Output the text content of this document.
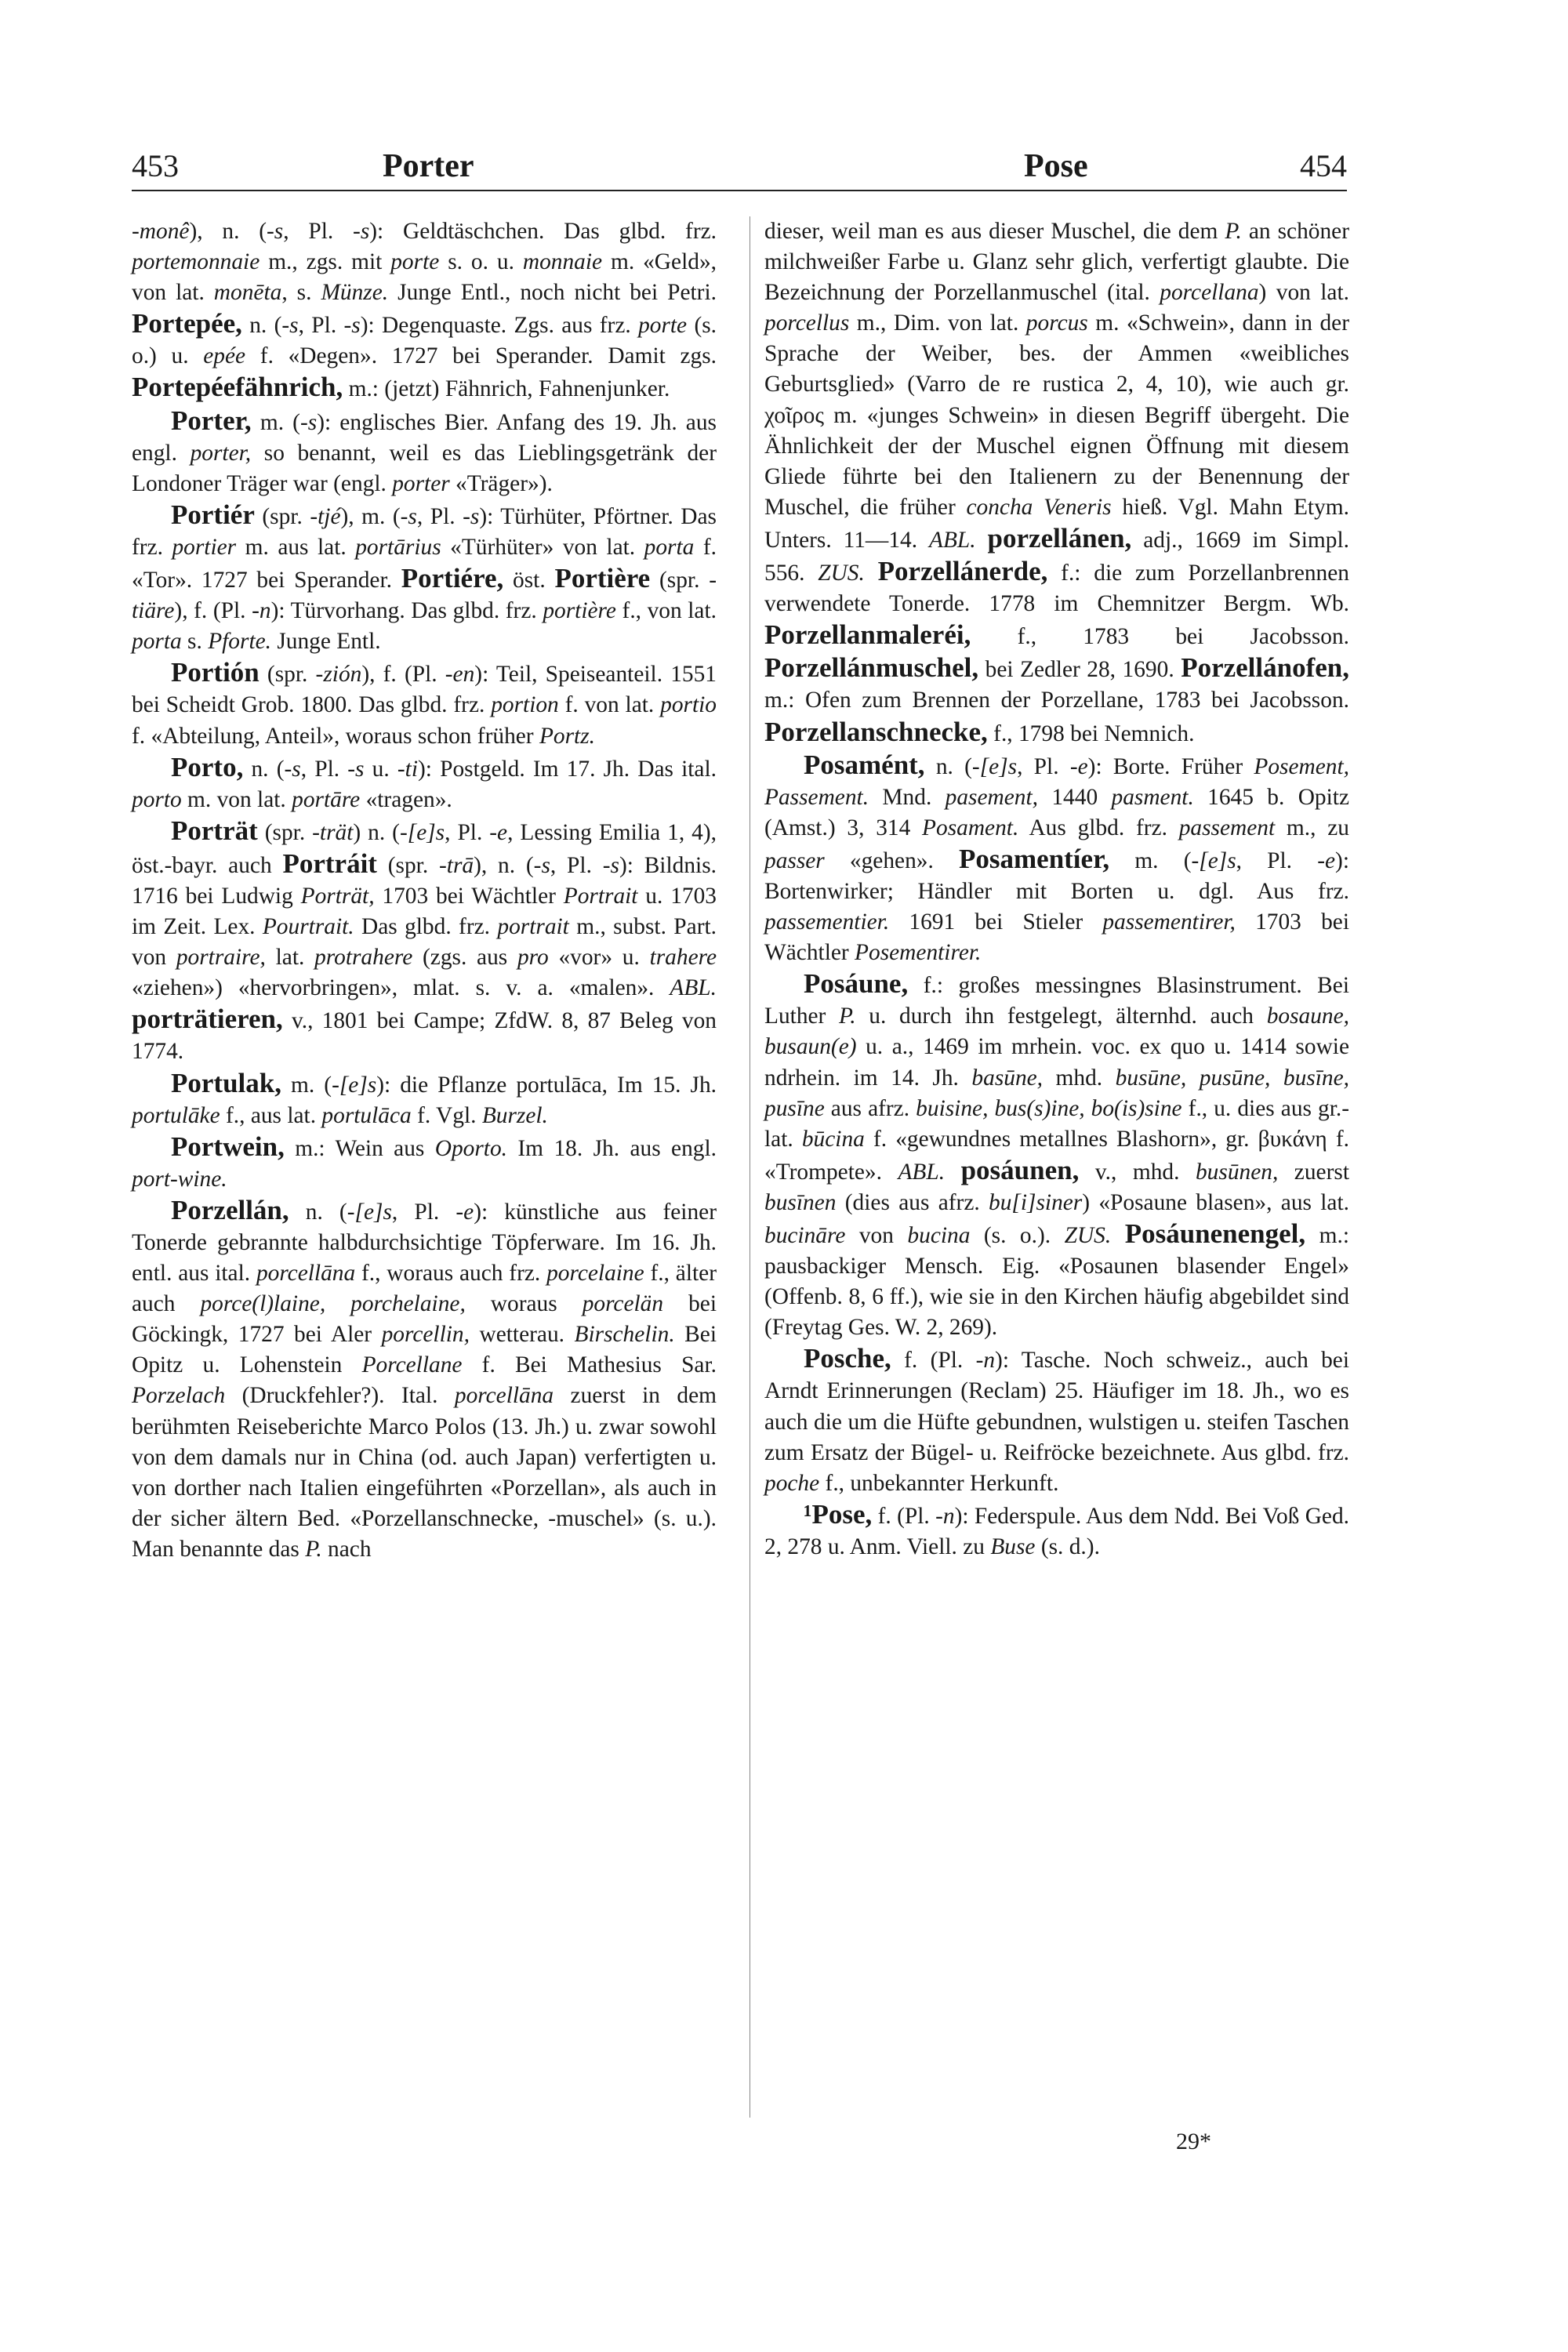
453	Porter	Pose	454

-monê), n. (-s, Pl. -s): Geldtäschchen. Das glbd. frz. portemonnaie m., zgs. mit porte s. o. u. monnaie m. «Geld», von lat. monēta, s. Münze. Junge Entl., noch nicht bei Petri. Portepée, n. (-s, Pl. -s): Degenquaste. Zgs. aus frz. porte (s. o.) u. epée f. «Degen». 1727 bei Sperander. Damit zgs. Portepéefähnrich, m.: (jetzt) Fähnrich, Fahnenjunker.

Porter, m. (-s): englisches Bier. Anfang des 19. Jh. aus engl. porter, so benannt, weil es das Lieblingsgetränk der Londoner Träger war (engl. porter «Träger»).

Portiér (spr. -tjé), m. (-s, Pl. -s): Türhüter, Pförtner. Das frz. portier m. aus lat. portārius «Türhüter» von lat. porta f. «Tor». 1727 bei Sperander. Portiére, öst. Portière (spr. -tiäre), f. (Pl. -n): Türvorhang. Das glbd. frz. portière f., von lat. porta s. Pforte. Junge Entl.

Portión (spr. -zión), f. (Pl. -en): Teil, Speiseanteil. 1551 bei Scheidt Grob. 1800. Das glbd. frz. portion f. von lat. portio f. «Abteilung, Anteil», woraus schon früher Portz.

Porto, n. (-s, Pl. -s u. -ti): Postgeld. Im 17. Jh. Das ital. porto m. von lat. portāre «tragen».

Porträt (spr. -trät) n. (-[e]s, Pl. -e, Lessing Emilia 1, 4), öst.-bayr. auch Portráit (spr. -trā), n. (-s, Pl. -s): Bildnis. 1716 bei Ludwig Porträt, 1703 bei Wächtler Portrait u. 1703 im Zeit. Lex. Pourtrait. Das glbd. frz. portrait m., subst. Part. von portraire, lat. protrahere (zgs. aus pro «vor» u. trahere «ziehen») «hervorbringen», mlat. s. v. a. «malen». ABL. porträtieren, v., 1801 bei Campe; ZfdW. 8, 87 Beleg von 1774.

Portulak, m. (-[e]s): die Pflanze portulāca, Im 15. Jh. portulāke f., aus lat. portulāca f. Vgl. Burzel.

Portwein, m.: Wein aus Oporto. Im 18. Jh. aus engl. port-wine.

Porzellán, n. (-[e]s, Pl. -e): künstliche aus feiner Tonerde gebrannte halbdurchsichtige Töpferware. Im 16. Jh. entl. aus ital. porcellāna f., woraus auch frz. porcelaine f., älter auch porce(l)laine, porchelaine, woraus porcelän bei Göckingk, 1727 bei Aler porcellin, wetterau. Birschelin. Bei Opitz u. Lohenstein Porcellane f. Bei Mathesius Sar. Porzelach (Druckfehler?). Ital. porcellāna zuerst in dem berühmten Reiseberichte Marco Polos (13. Jh.) u. zwar sowohl von dem damals nur in China (od. auch Japan) verfertigten u. von dorther nach Italien eingeführten «Porzellan», als auch in der sicher ältern Bed. «Porzellanschnecke, -muschel» (s. u.). Man benannte das P. nach

dieser, weil man es aus dieser Muschel, die dem P. an schöner milchweißer Farbe u. Glanz sehr glich, verfertigt glaubte. Die Bezeichnung der Porzellanmuschel (ital. porcellana) von lat. porcellus m., Dim. von lat. porcus m. «Schwein», dann in der Sprache der Weiber, bes. der Ammen «weibliches Geburtsglied» (Varro de re rustica 2, 4, 10), wie auch gr. χοῖρος m. «junges Schwein» in diesen Begriff übergeht. Die Ähnlichkeit der der Muschel eignen Öffnung mit diesem Gliede führte bei den Italienern zu der Benennung der Muschel, die früher concha Veneris hieß. Vgl. Mahn Etym. Unters. 11—14. ABL. porzellánen, adj., 1669 im Simpl. 556. ZUS. Porzellánerde, f.: die zum Porzellanbrennen verwendete Tonerde. 1778 im Chemnitzer Bergm. Wb. Porzellanmaleréi, f., 1783 bei Jacobsson. Porzellánmuschel, bei Zedler 28, 1690. Porzellánofen, m.: Ofen zum Brennen der Porzellane, 1783 bei Jacobsson. Porzellanschnecke, f., 1798 bei Nemnich.

Posamént, n. (-[e]s, Pl. -e): Borte. Früher Posement, Passement. Mnd. pasement, 1440 pasment. 1645 b. Opitz (Amst.) 3, 314 Posament. Aus glbd. frz. passement m., zu passer «gehen». Posamentíer, m. (-[e]s, Pl. -e): Bortenwirker; Händler mit Borten u. dgl. Aus frz. passementier. 1691 bei Stieler passementirer, 1703 bei Wächtler Posementirer.

Posáune, f.: großes messingnes Blasinstrument. Bei Luther P. u. durch ihn festgelegt, älternhd. auch bosaune, busaun(e) u. a., 1469 im mrhein. voc. ex quo u. 1414 sowie ndrhein. im 14. Jh. basūne, mhd. busūne, pusūne, busīne, pusīne aus afrz. buisine, bus(s)ine, bo(is)sine f., u. dies aus gr.-lat. būcina f. «gewundnes metallnes Blashorn», gr. βυκάνη f. «Trompete». ABL. posáunen, v., mhd. busūnen, zuerst busīnen (dies aus afrz. bu[i]siner) «Posaune blasen», aus lat. bucināre von bucina (s. o.). ZUS. Posáunenengel, m.: pausbackiger Mensch. Eig. «Posaunen blasender Engel» (Offenb. 8, 6 ff.), wie sie in den Kirchen häufig abgebildet sind (Freytag Ges. W. 2, 269).

Posche, f. (Pl. -n): Tasche. Noch schweiz., auch bei Arndt Erinnerungen (Reclam) 25. Häufiger im 18. Jh., wo es auch die um die Hüfte gebundnen, wulstigen u. steifen Taschen zum Ersatz der Bügel- u. Reifröcke bezeichnete. Aus glbd. frz. poche f., unbekannter Herkunft.

¹Pose, f. (Pl. -n): Federspule. Aus dem Ndd. Bei Voß Ged. 2, 278 u. Anm. Viell. zu Buse (s. d.).

29*
